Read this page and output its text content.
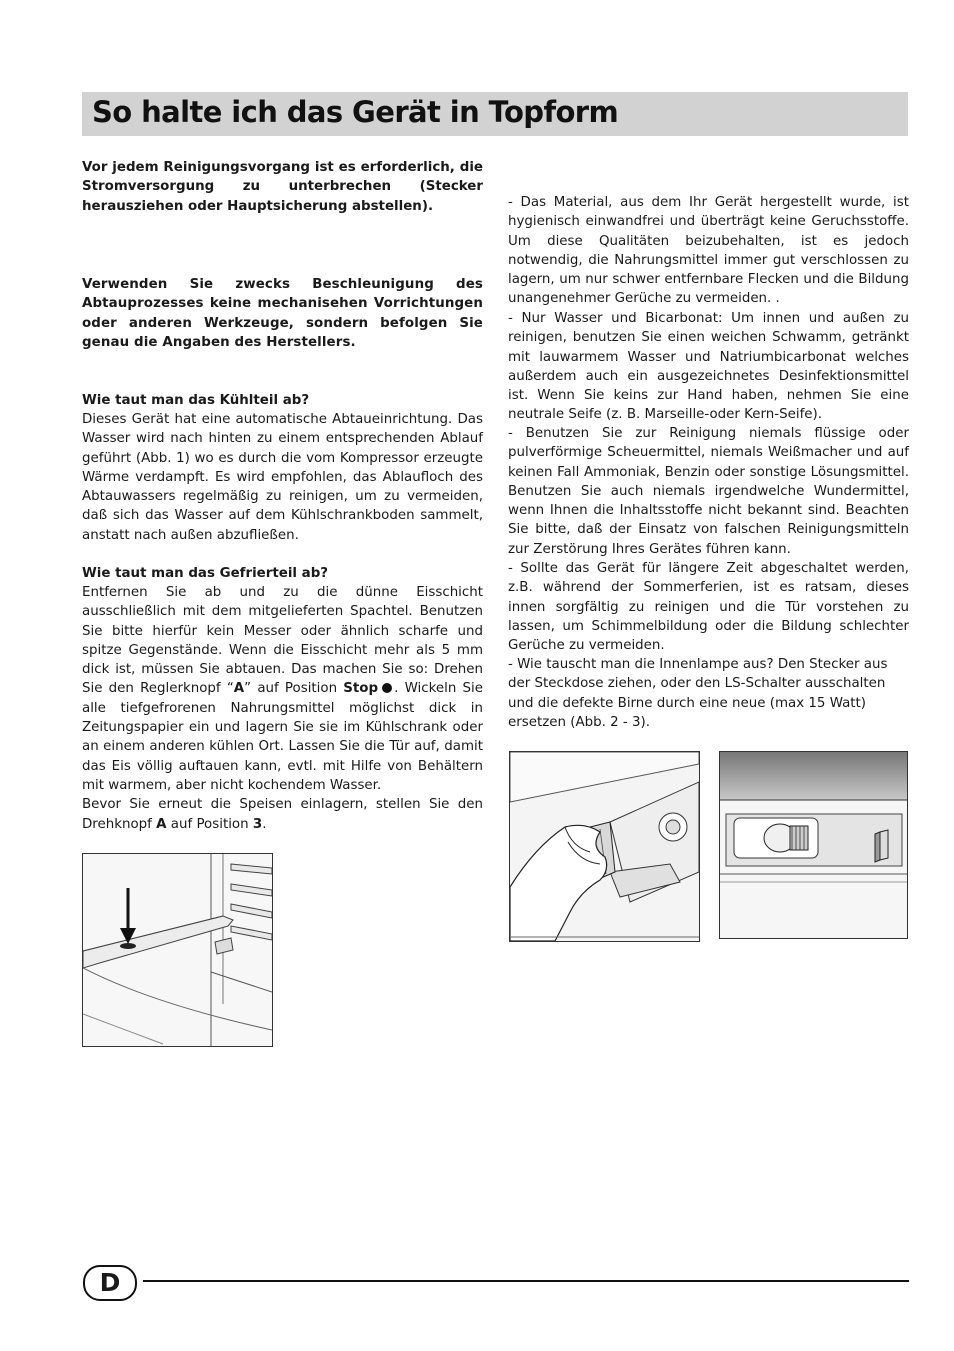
So halte ich das Gerät in Topform

Vor jedem Reinigungsvorgang ist es erforderlich, die Stromversorgung zu unterbrechen (Stecker herausziehen oder Hauptsicherung abstellen).

Verwenden Sie zwecks Beschleunigung des Abtauprozesses keine mechanisehen Vorrichtungen oder anderen Werkzeuge, sondern befolgen Sie genau die Angaben des Herstellers.

Wie taut man das Kühlteil ab?

Dieses Gerät hat eine automatische Abtaueinrichtung. Das Wasser wird nach hinten zu einem entsprechenden Ablauf geführt (Abb. 1) wo es durch die vom Kompressor erzeugte Wärme verdampft. Es wird empfohlen, das Ablaufloch des Abtauwassers regelmäßig zu reinigen, um zu vermeiden, daß sich das Wasser auf dem Kühlschrankboden sammelt, anstatt nach außen abzufließen.

Wie taut man das Gefrierteil ab?

Entfernen Sie ab und zu die dünne Eisschicht ausschließlich mit dem mitgelieferten Spachtel. Benutzen Sie bitte hierfür kein Messer oder ähnlich scharfe und spitze Gegenstände. Wenn die Eisschicht mehr als 5 mm dick ist, müssen Sie abtauen. Das machen Sie so: Drehen Sie den Reglerknopf “A” auf Position Stop . Wickeln Sie alle tiefgefrorenen Nahrungsmittel möglichst dick in Zeitungspapier ein und lagern Sie sie im Kühlschrank oder an einem anderen kühlen Ort. Lassen Sie die Tür auf, damit das Eis völlig auftauen kann, evtl. mit Hilfe von Behältern mit warmem, aber nicht kochendem Wasser.
Bevor Sie erneut die Speisen einlagern, stellen Sie den Drehknopf A auf Position 3.

- Das Material, aus dem Ihr Gerät hergestellt wurde, ist hygienisch einwandfrei und überträgt keine Geruchsstoffe. Um diese Qualitäten beizubehalten, ist es jedoch notwendig, die Nahrungsmittel immer gut verschlossen zu lagern, um nur schwer entfernbare Flecken und die Bildung unangenehmer Gerüche zu vermeiden. .

- Nur Wasser und Bicarbonat: Um innen und außen zu reinigen, benutzen Sie einen weichen Schwamm, getränkt mit lauwarmem Wasser und Natriumbicarbonat welches außerdem auch ein ausgezeichnetes Desinfektionsmittel ist. Wenn Sie keins zur Hand haben, nehmen Sie eine neutrale Seife (z. B. Marseille-oder Kern-Seife).

- Benutzen Sie zur Reinigung niemals flüssige oder pulverförmige Scheuermittel, niemals Weißmacher und auf keinen Fall Ammoniak, Benzin oder sonstige Lösungsmittel. Benutzen Sie auch niemals irgendwelche Wundermittel, wenn Ihnen die Inhaltsstoffe nicht bekannt sind. Beachten Sie bitte, daß der Einsatz von falschen Reinigungsmitteln zur Zerstörung Ihres Gerätes führen kann.

- Sollte das Gerät für längere Zeit abgeschaltet werden, z.B. während der Sommerferien, ist es ratsam, dieses innen sorgfältig zu reinigen und die Tür vorstehen zu lassen, um Schimmelbildung oder die Bildung schlechter Gerüche zu vermeiden.

- Wie tauscht man die Innenlampe aus? Den Stecker aus der Steckdose ziehen, oder den LS-Schalter ausschalten und die defekte Birne durch eine neue (max 15 Watt) ersetzen (Abb. 2 - 3).

D
